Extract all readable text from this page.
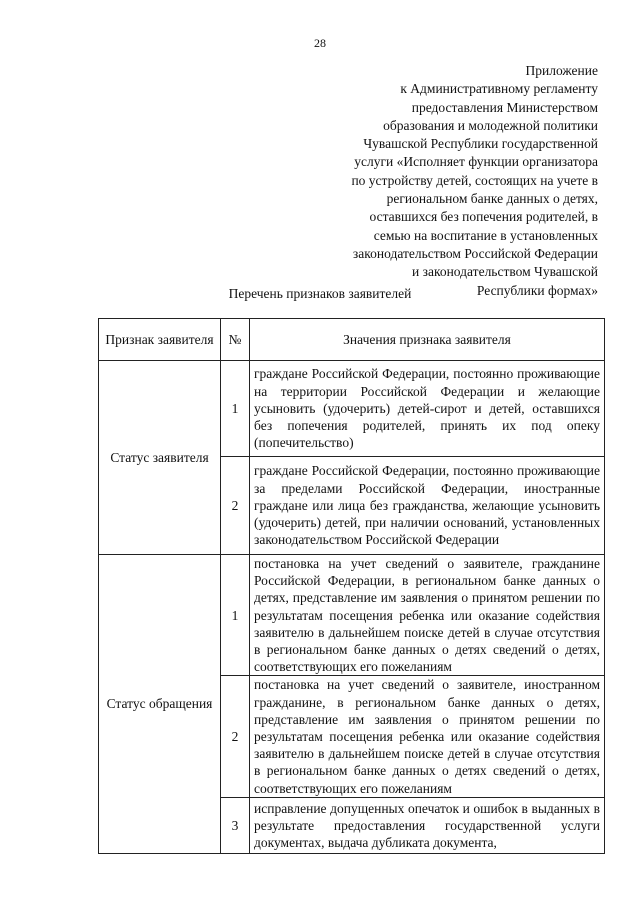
28
Приложение
к Административному регламенту
предоставления Министерством
образования и молодежной политики
Чувашской Республики государственной
услуги «Исполняет функции организатора
по устройству детей, состоящих на учете в
региональном банке данных о детях,
оставшихся без попечения родителей, в
семью на воспитание в установленных
законодательством Российской Федерации
и законодательством Чувашской
Республики формах»
Перечень признаков заявителей
Признак заявителя	№	Значения признака заявителя
Статус заявителя	1	граждане Российской Федерации, постоянно проживающие на территории Российской Федерации и желающие усыновить (удочерить) детей-сирот и детей, оставшихся без попечения родителей, принять их под опеку (попечительство)
	2	граждане Российской Федерации, постоянно проживающие за пределами Российской Федерации, иностранные граждане или лица без гражданства, желающие усыновить (удочерить) детей, при наличии оснований, установленных законодательством Российской Федерации
Статус обращения	1	постановка на учет сведений о заявителе, гражданине Российской Федерации, в региональном банке данных о детях, представление им заявления о принятом решении по результатам посещения ребенка или оказание содействия заявителю в дальнейшем поиске детей в случае отсутствия в региональном банке данных о детях сведений о детях, соответствующих его пожеланиям
	2	постановка на учет сведений о заявителе, иностранном гражданине, в региональном банке данных о детях, представление им заявления о принятом решении по результатам посещения ребенка или оказание содействия заявителю в дальнейшем поиске детей в случае отсутствия в региональном банке данных о детях сведений о детях, соответствующих его пожеланиям
	3	исправление допущенных опечаток и ошибок в выданных в результате предоставления государственной услуги документах, выдача дубликата документа,
